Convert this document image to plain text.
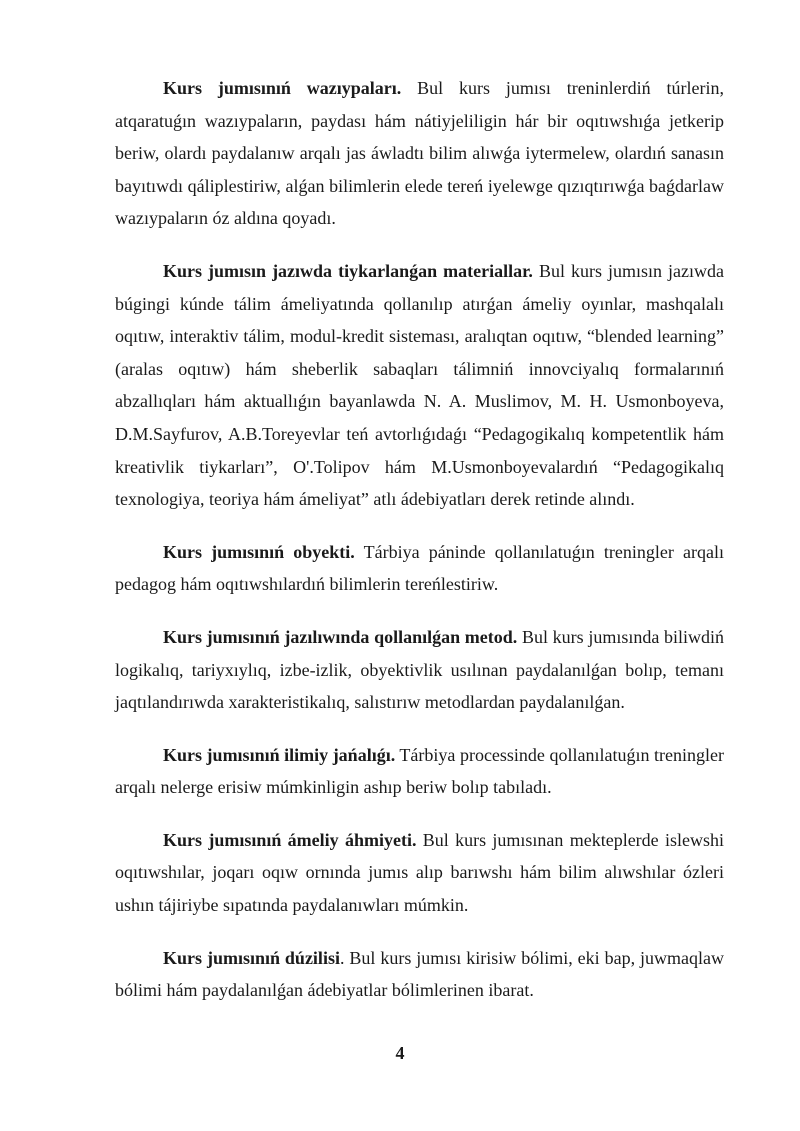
Kurs jumısınıń wazıypaları. Bul kurs jumısı treninlerdiń túrlerin, atqaratuǵın wazıypaların, paydası hám nátiyjeliligin hár bir oqıtıwshıǵa jetkerip beriw, olardı paydalanıw arqalı jas áwladtı bilim alıwǵa iytermelew, olardıń sanasın bayıtıwdı qáliplestiriw, alǵan bilimlerin elede tereń iyelewge qızıqtırıwǵa baǵdarlaw wazıypaların óz aldına qoyadı.

Kurs jumısın jazıwda tiykarlanǵan materiallar. Bul kurs jumısın jazıwda búgingi kúnde tálim ámeliyatında qollanılıp atırǵan ámeliy oyınlar, mashqalalı oqıtıw, interaktiv tálim, modul-kredit sisteması, aralıqtan oqıtıw, “blended learning” (aralas oqıtıw) hám sheberlik sabaqları tálimniń innovciyalıq formalarınıń abzallıqları hám aktuallıǵın bayanlawda N. A. Muslimov, M. H. Usmonboyeva, D.M.Sayfurov, A.B.Toreyevlar teń avtorlıǵıdaǵı “Pedagogikalıq kompetentlik hám kreativlik tiykarları”, O'.Tolipov hám M.Usmonboyevalardıń “Pedagogikalıq texnologiya, teoriya hám ámeliyat” atlı ádebiyatları derek retinde alındı.

Kurs jumısınıń obyekti. Tárbiya páninde qollanılatuǵın treningler arqalı pedagog hám oqıtıwshılardıń bilimlerin tereńlestiriw.

Kurs jumısınıń jazılıwında qollanılǵan metod. Bul kurs jumısında biliwdiń logikalıq, tariyxıylıq, izbe-izlik, obyektivlik usılınan paydalanılǵan bolıp, temanı jaqtılandırıwda xarakteristikalıq, salıstırıw metodlardan paydalanılǵan.

Kurs jumısınıń ilimiy jańalıǵı. Tárbiya processinde qollanılatuǵın treningler arqalı nelerge erisiw múmkinligin ashıp beriw bolıp tabıladı.

Kurs jumısınıń ámeliy áhmiyeti. Bul kurs jumısınan mekteplerde islewshi oqıtıwshılar, joqarı oqıw ornında jumıs alıp barıwshı hám bilim alıwshılar ózleri ushın tájiriybe sıpatında paydalanıwları múmkin.

Kurs jumısınıń dúzilisi. Bul kurs jumısı kirisiw bólimi, eki bap, juwmaqlaw bólimi hám paydalanılǵan ádebiyatlar bólimlerinen ibarat.

4
